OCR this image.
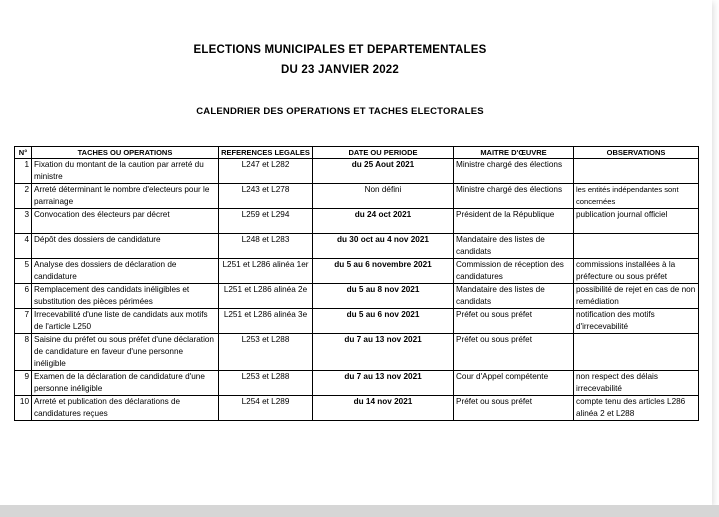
ELECTIONS MUNICIPALES ET DEPARTEMENTALES
DU 23 JANVIER 2022
CALENDRIER DES OPERATIONS ET TACHES ELECTORALES
N°	TACHES OU OPERATIONS	REFERENCES LEGALES	DATE OU PERIODE	MAITRE D'ŒUVRE	OBSERVATIONS
1	Fixation du montant de la caution par arreté du ministre	L247 et L282	du 25 Aout 2021	Ministre chargé des élections	
2	Arreté déterminant le nombre d'electeurs pour le parrainage	L243 et L278	Non défini	Ministre chargé des élections	les entités indépendantes sont concernées
3	Convocation des électeurs par décret	L259 et L294	du 24 oct 2021	Président de la République	publication journal officiel
4	Dépôt des dossiers de candidature	L248 et L283	du 30 oct au 4 nov 2021	Mandataire des listes de candidats	
5	Analyse des dossiers de déclaration de candidature	L251 et L286 alinéa 1er	du 5 au 6 novembre 2021	Commission de réception des candidatures	commissions installées à la préfecture ou sous préfet
6	Remplacement des candidats inéligibles et substitution des pièces périmées	L251 et L286 alinéa 2e	du 5 au 8 nov 2021	Mandataire des listes de candidats	possibilité de rejet en cas de non remédiation
7	Irrecevabilité d'une liste de candidats aux motifs de l'article L250	L251 et L286 alinéa 3e	du 5 au 6 nov 2021	Préfet ou sous préfet	notification des motifs d'irrecevabilité
8	Saisine du préfet ou sous préfet d'une déclaration de candidature en faveur d'une personne inéligible	L253 et L288	du 7 au 13 nov 2021	Préfet ou sous préfet	
9	Examen de la déclaration de candidature d'une personne inéligible	L253 et L288	du 7 au 13 nov 2021	Cour d'Appel compétente	non respect des délais irrecevabilité
10	Arreté et publication des déclarations de candidatures reçues	L254 et L289	du 14 nov 2021	Préfet ou sous préfet	compte tenu des articles L286 alinéa 2 et L288
